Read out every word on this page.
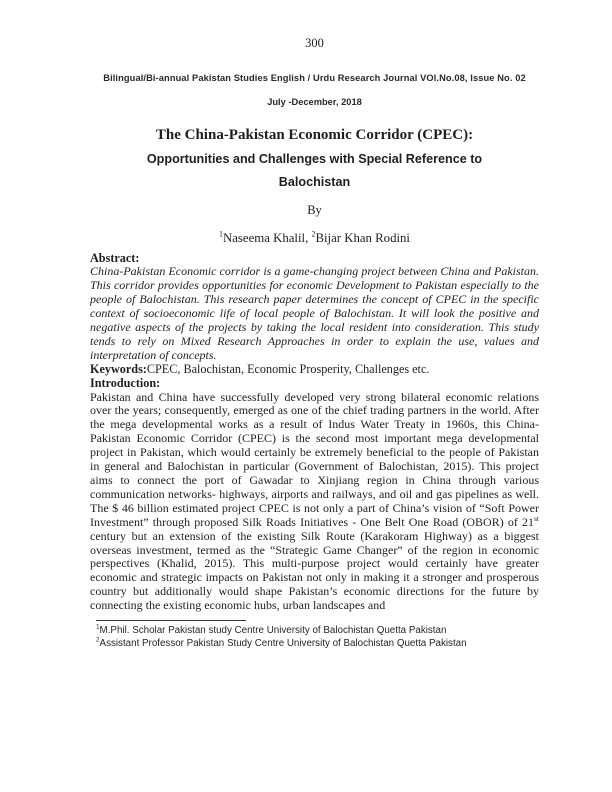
300
Bilingual/Bi-annual Pakistan Studies English / Urdu Research Journal VOl.No.08, Issue No. 02
July -December, 2018
The China-Pakistan Economic Corridor (CPEC): Opportunities and Challenges with Special Reference to Balochistan
By
$^1$Naseema Khalil, $^2$Bijar Khan Rodini
Abstract:

China-Pakistan Economic corridor is a game-changing project between China and Pakistan. This corridor provides opportunities for economic Development to Pakistan especially to the people of Balochistan. This research paper determines the concept of CPEC in the specific context of socioeconomic life of local people of Balochistan. It will look the positive and negative aspects of the projects by taking the local resident into consideration. This study tends to rely on Mixed Research Approaches in order to explain the use, values and interpretation of concepts.

Keywords:CPEC, Balochistan, Economic Prosperity, Challenges etc.

Introduction:

Pakistan and China have successfully developed very strong bilateral economic relations over the years; consequently, emerged as one of the chief trading partners in the world. After the mega developmental works as a result of Indus Water Treaty in 1960s, this China-Pakistan Economic Corridor (CPEC) is the second most important mega developmental project in Pakistan, which would certainly be extremely beneficial to the people of Pakistan in general and Balochistan in particular (Government of Balochistan, 2015). This project aims to connect the port of Gawadar to Xinjiang region in China through various communication networks- highways, airports and railways, and oil and gas pipelines as well. The $ 46 billion estimated project CPEC is not only a part of China’s vision of “Soft Power Investment” through proposed Silk Roads Initiatives - One Belt One Road (OBOR) of 21st century but an extension of the existing Silk Route (Karakoram Highway) as a biggest overseas investment, termed as the “Strategic Game Changer” of the region in economic perspectives (Khalid, 2015). This multi-purpose project would certainly have greater economic and strategic impacts on Pakistan not only in making it a stronger and prosperous country but additionally would shape Pakistan’s economic directions for the future by connecting the existing economic hubs, urban landscapes and

$^1$M.Phil. Scholar Pakistan study Centre University of Balochistan Quetta Pakistan

$^2$Assistant Professor Pakistan Study Centre University of Balochistan Quetta Pakistan
